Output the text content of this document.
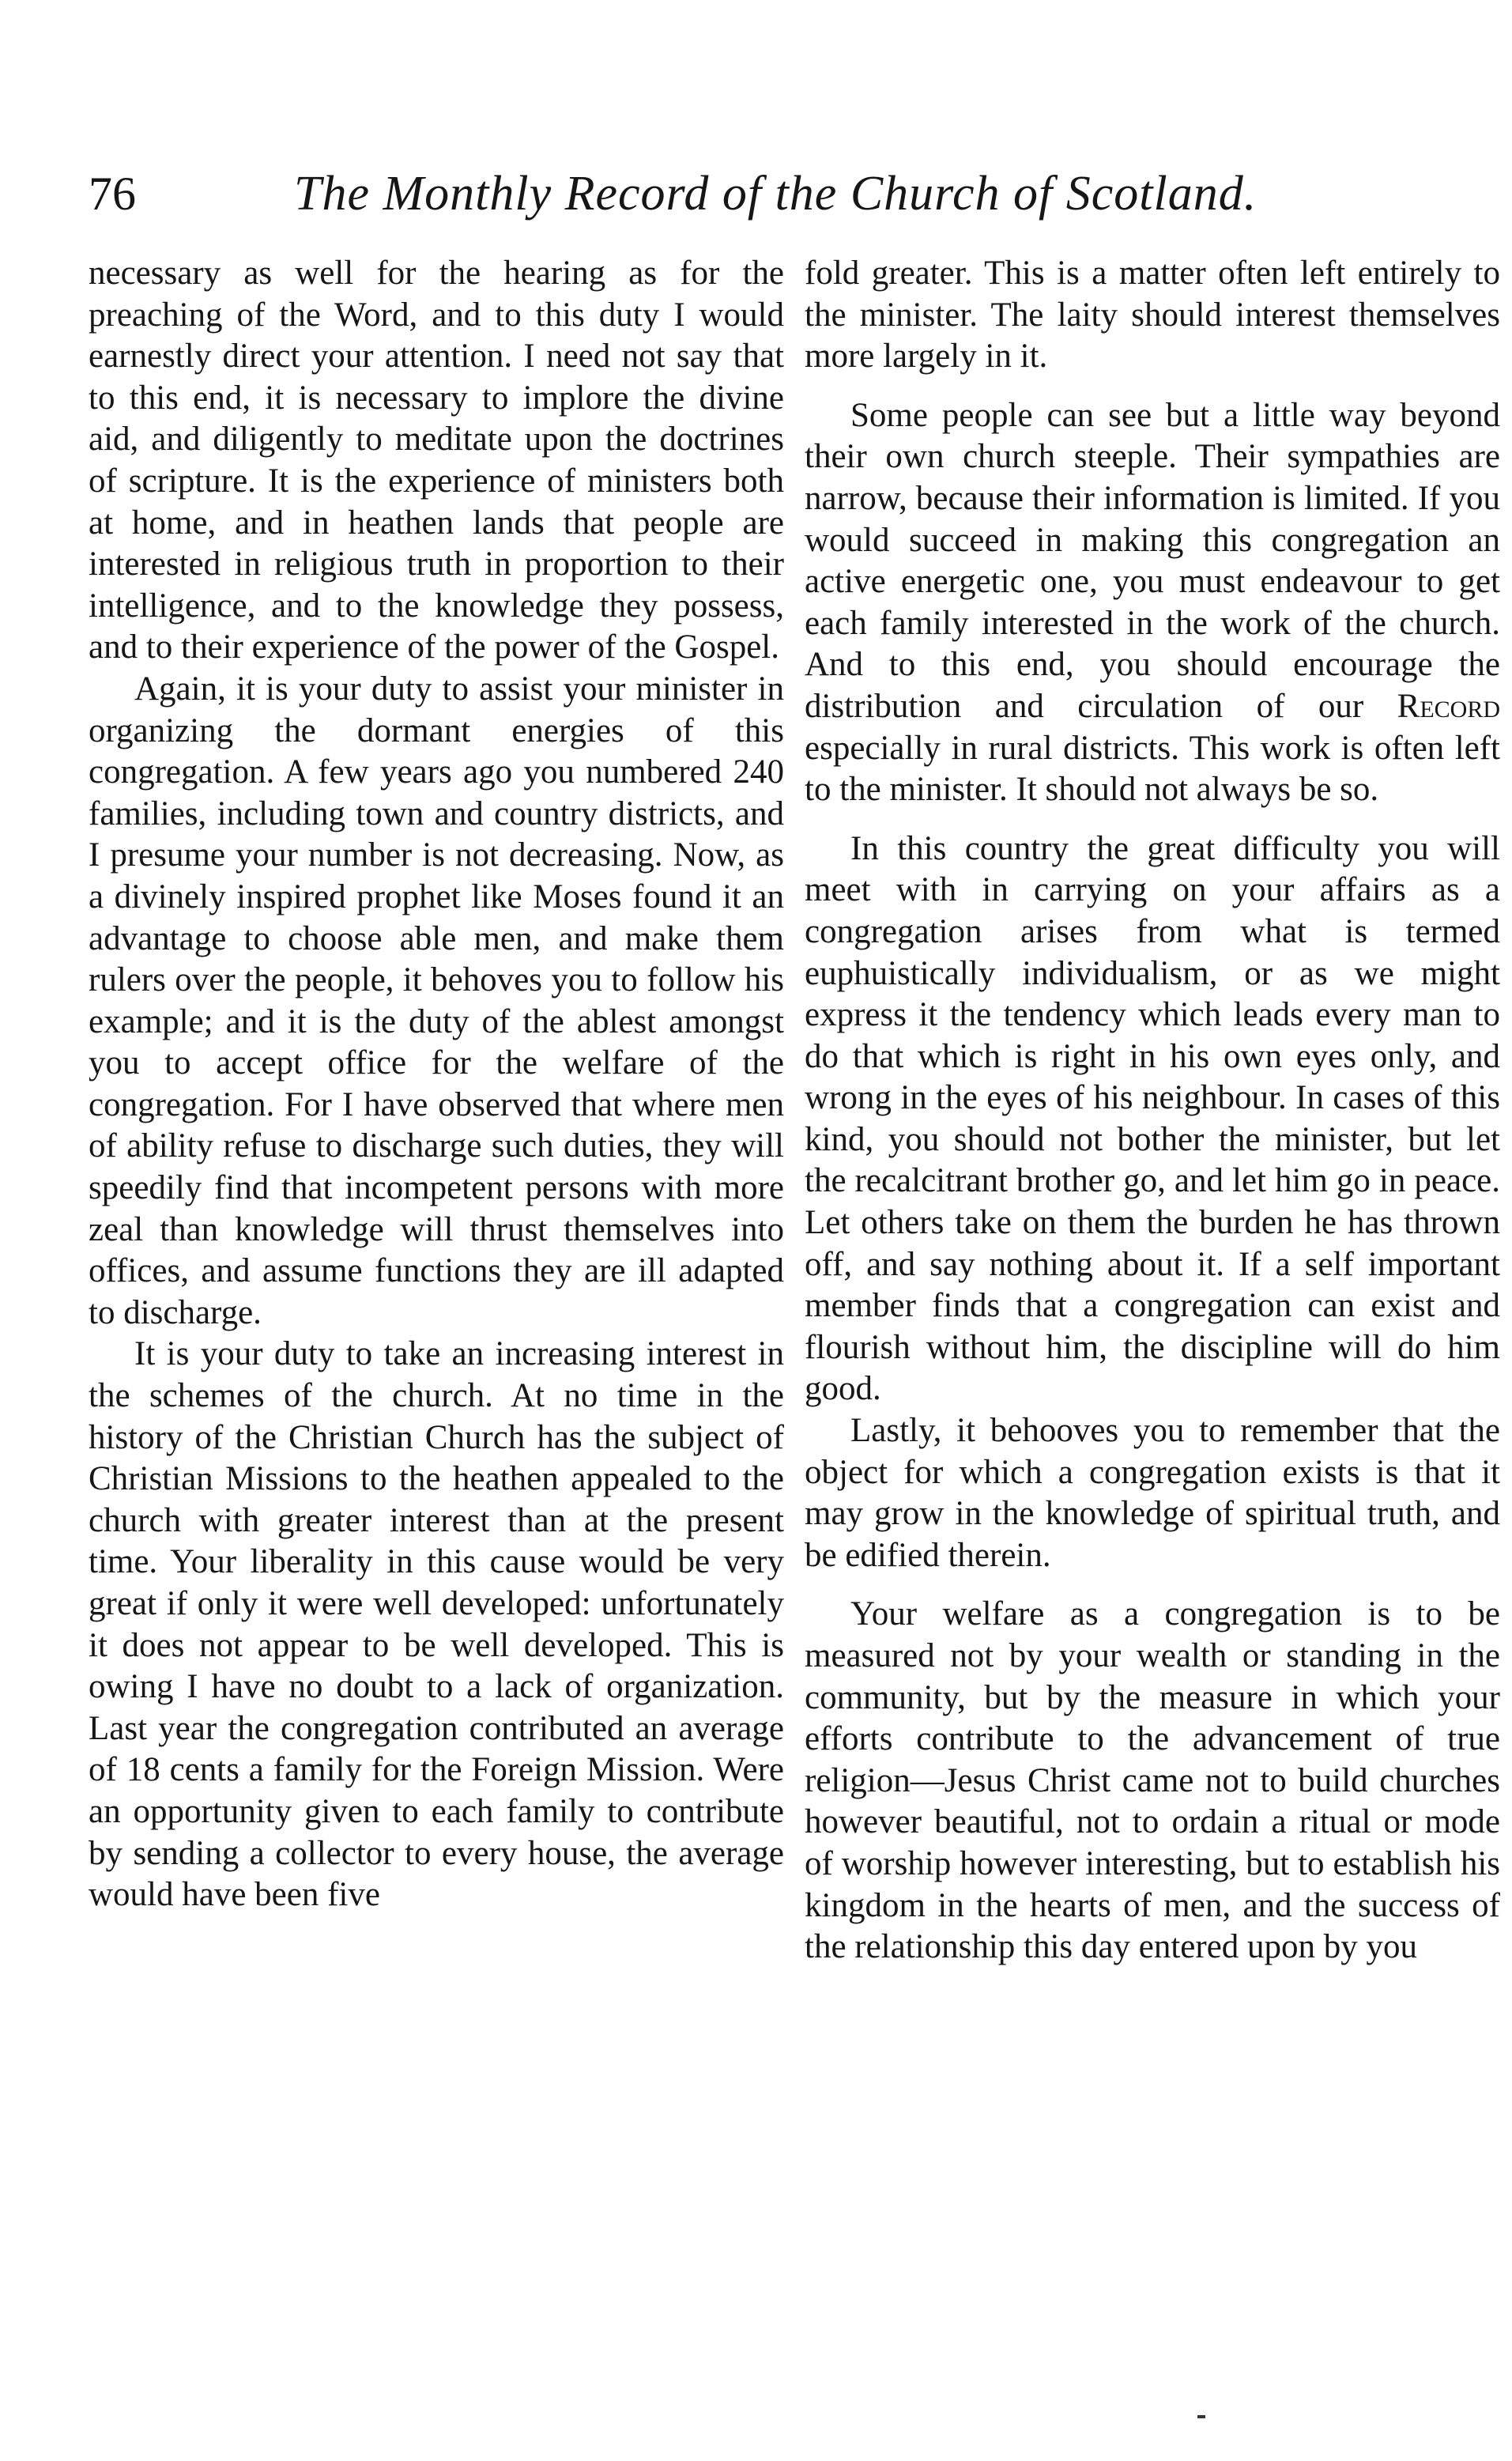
76	The Monthly Record of the Church of Scotland.

necessary as well for the hearing as for the preaching of the Word, and to this duty I would earnestly direct your attention. I need not say that to this end, it is necessary to implore the divine aid, and diligently to meditate upon the doctrines of scripture. It is the experience of ministers both at home, and in heathen lands that people are interested in religious truth in proportion to their intelligence, and to the knowledge they possess, and to their experience of the power of the Gospel.

Again, it is your duty to assist your minister in organizing the dormant energies of this congregation. A few years ago you numbered 240 families, including town and country districts, and I presume your number is not decreasing. Now, as a divinely inspired prophet like Moses found it an advantage to choose able men, and make them rulers over the people, it behoves you to follow his example; and it is the duty of the ablest amongst you to accept office for the welfare of the congregation. For I have observed that where men of ability refuse to discharge such duties, they will speedily find that incompetent persons with more zeal than knowledge will thrust themselves into offices, and assume functions they are ill adapted to discharge.

It is your duty to take an increasing interest in the schemes of the church. At no time in the history of the Christian Church has the subject of Christian Missions to the heathen appealed to the church with greater interest than at the present time. Your liberality in this cause would be very great if only it were well developed: unfortunately it does not appear to be well developed. This is owing I have no doubt to a lack of organization. Last year the congregation contributed an average of 18 cents a family for the Foreign Mission. Were an opportunity given to each family to contribute by sending a collector to every house, the average would have been five

fold greater. This is a matter often left entirely to the minister. The laity should interest themselves more largely in it.

Some people can see but a little way beyond their own church steeple. Their sympathies are narrow, because their information is limited. If you would succeed in making this congregation an active energetic one, you must endeavour to get each family interested in the work of the church. And to this end, you should encourage the distribution and circulation of our Record especially in rural districts. This work is often left to the minister. It should not always be so.

In this country the great difficulty you will meet with in carrying on your affairs as a congregation arises from what is termed euphuistically individualism, or as we might express it the tendency which leads every man to do that which is right in his own eyes only, and wrong in the eyes of his neighbour. In cases of this kind, you should not bother the minister, but let the recalcitrant brother go, and let him go in peace. Let others take on them the burden he has thrown off, and say nothing about it. If a self important member finds that a congregation can exist and flourish without him, the discipline will do him good.

Lastly, it behooves you to remember that the object for which a congregation exists is that it may grow in the knowledge of spiritual truth, and be edified therein.

Your welfare as a congregation is to be measured not by your wealth or standing in the community, but by the measure in which your efforts contribute to the advancement of true religion—Jesus Christ came not to build churches however beautiful, not to ordain a ritual or mode of worship however interesting, but to establish his kingdom in the hearts of men, and the success of the relationship this day entered upon by you
